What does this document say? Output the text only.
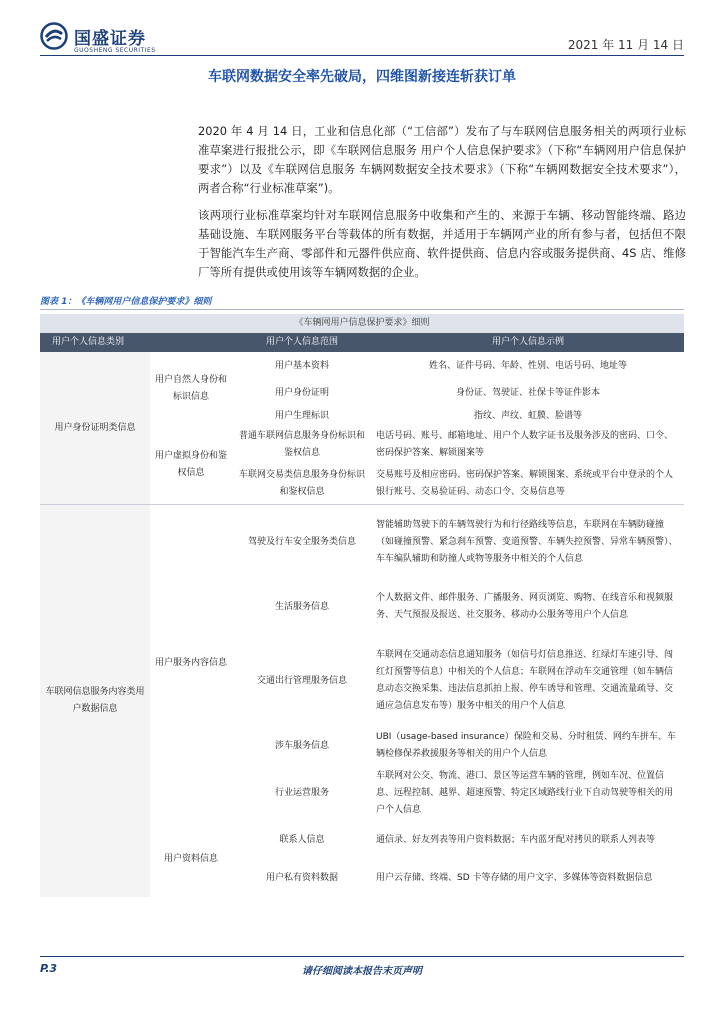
国盛证券
GUOSHENG SECURITIES	2021 年 11 月 14 日
车联网数据安全率先破局，四维图新接连斩获订单
2020 年 4 月 14 日，工业和信息化部（“工信部”）发布了与车联网信息服务相关的两项行业标准草案进行报批公示，即《车联网信息服务 用户个人信息保护要求》（下称“车辆网用户信息保护要求”）以及《车联网信息服务 车辆网数据安全技术要求》（下称“车辆网数据安全技术要求”），两者合称“行业标准草案”)。
该两项行业标准草案均针对车联网信息服务中收集和产生的、来源于车辆、移动智能终端、路边基础设施、车联网服务平台等载体的所有数据，并适用于车辆网产业的所有参与者，包括但不限于智能汽车生产商、零部件和元器件供应商、软件提供商、信息内容或服务提供商、4S 店、维修厂等所有提供或使用该等车辆网数据的企业。
图表 1：《车辆网用户信息保护要求》细则
《车辆网用户信息保护要求》细则			
用户个人信息类别		用户个人信息范围	用户个人信息示例
用户身份证明类信息	用户自然人身份和标识信息	用户基本资料	姓名、证件号码、年龄、性别、电话号码、地址等
		用户身份证明	身份证、驾驶证、社保卡等证件影本
		用户生理标识	指纹、声纹、虹膜、脸谱等
	用户虚拟身份和鉴权信息	普通车联网信息服务身份标识和鉴权信息	电话号码、账号、邮箱地址、用户个人数字证书及服务涉及的密码、口令、密码保护答案、解锁图案等
		车联网交易类信息服务身份标识和鉴权信息	交易账号及相应密码、密码保护答案、解锁图案、系统或平台中登录的个人银行账号、交易验证码、动态口令、交易信息等
车联网信息服务内容类用户数据信息	用户服务内容信息	驾驶及行车安全服务类信息	智能辅助驾驶下的车辆驾驶行为和行径路线等信息，车联网在车辆防碰撞（如碰撞预警、紧急刹车预警、变道预警、车辆失控预警、异常车辆预警）、车车编队辅助和防撞人或物等服务中相关的个人信息
		生活服务信息	个人数据文件、邮件服务、广播服务、网页浏览、购物、在线音乐和视频服务、天气预报及报送、社交服务、移动办公服务等用户个人信息
		交通出行管理服务信息	车联网在交通动态信息通知服务（如信号灯信息推送、红绿灯车速引导、闯红灯预警等信息）中相关的个人信息；车联网在浮动车交通管理（如车辆信息动态交换采集、违法信息抓拍上报、停车诱导和管理、交通流量疏导、交通应急信息发布等）服务中相关的用户个人信息
		涉车服务信息	UBI（usage-based insurance）保险和交易、分时租赁、网约车拼车、车辆检修保养救援服务等相关的用户个人信息
		行业运营服务	车联网对公交、物流、港口、景区等运营车辆的管理，例如车况、位置信息、远程控制、越界、超速预警、特定区域路线行业下自动驾驶等相关的用户个人信息
	用户资料信息	联系人信息	通信录、好友列表等用户资料数据；车内蓝牙配对拷贝的联系人列表等
		用户私有资料数据	用户云存储、终端、SD 卡等存储的用户文字、多媒体等资料数据信息
P.3	请仔细阅读本报告末页声明
